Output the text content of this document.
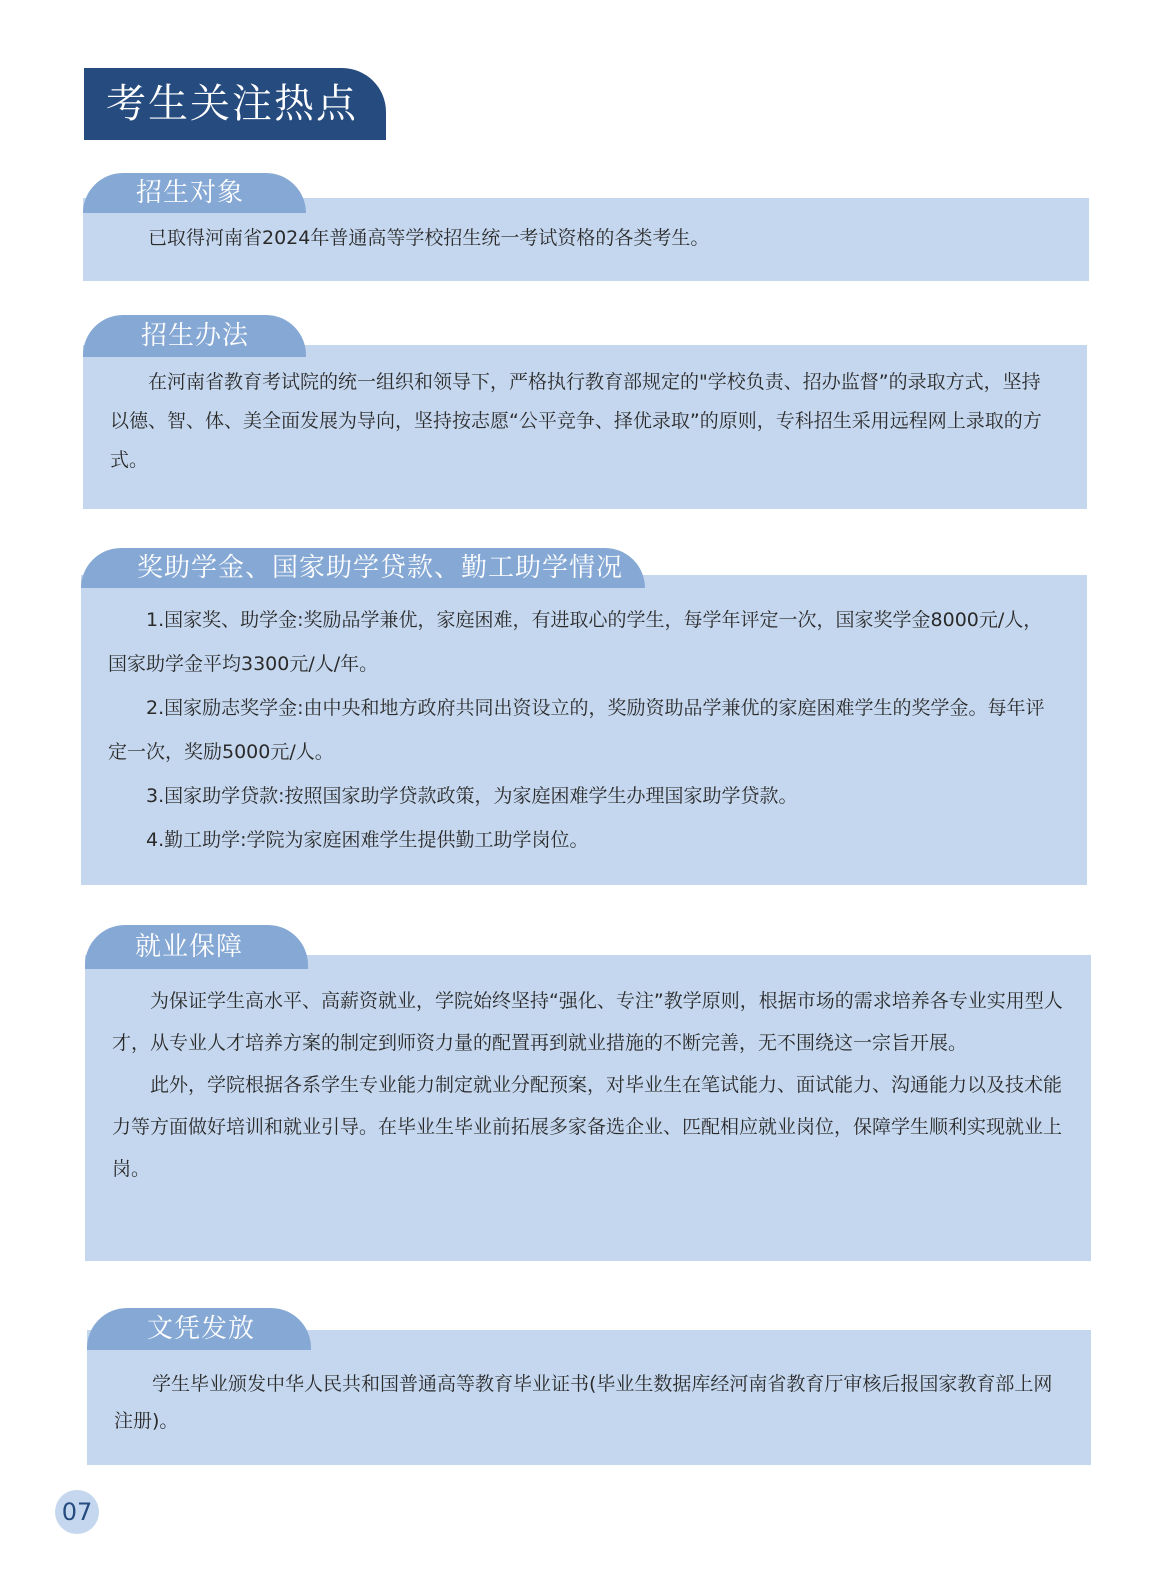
考生关注热点
招生对象

已取得河南省2024年普通高等学校招生统一考试资格的各类考生。

招生办法

在河南省教育考试院的统一组织和领导下，严格执行教育部规定的"学校负责、招办监督”的录取方式，坚持以德、智、体、美全面发展为导向，坚持按志愿“公平竞争、择优录取”的原则，专科招生采用远程网上录取的方式。

奖助学金、国家助学贷款、勤工助学情况

1.国家奖、助学金:奖励品学兼优，家庭困难，有进取心的学生，每学年评定一次，国家奖学金8000元/人，国家助学金平均3300元/人/年。

2.国家励志奖学金:由中央和地方政府共同出资设立的，奖励资助品学兼优的家庭困难学生的奖学金。每年评定一次，奖励5000元/人。

3.国家助学贷款:按照国家助学贷款政策，为家庭困难学生办理国家助学贷款。

4.勤工助学:学院为家庭困难学生提供勤工助学岗位。

就业保障

为保证学生高水平、高薪资就业，学院始终坚持“强化、专注”教学原则，根据市场的需求培养各专业实用型人才，从专业人才培养方案的制定到师资力量的配置再到就业措施的不断完善，无不围绕这一宗旨开展。

此外，学院根据各系学生专业能力制定就业分配预案，对毕业生在笔试能力、面试能力、沟通能力以及技术能力等方面做好培训和就业引导。在毕业生毕业前拓展多家备选企业、匹配相应就业岗位，保障学生顺利实现就业上岗。

文凭发放

学生毕业颁发中华人民共和国普通高等教育毕业证书(毕业生数据库经河南省教育厅审核后报国家教育部上网注册)。

07
